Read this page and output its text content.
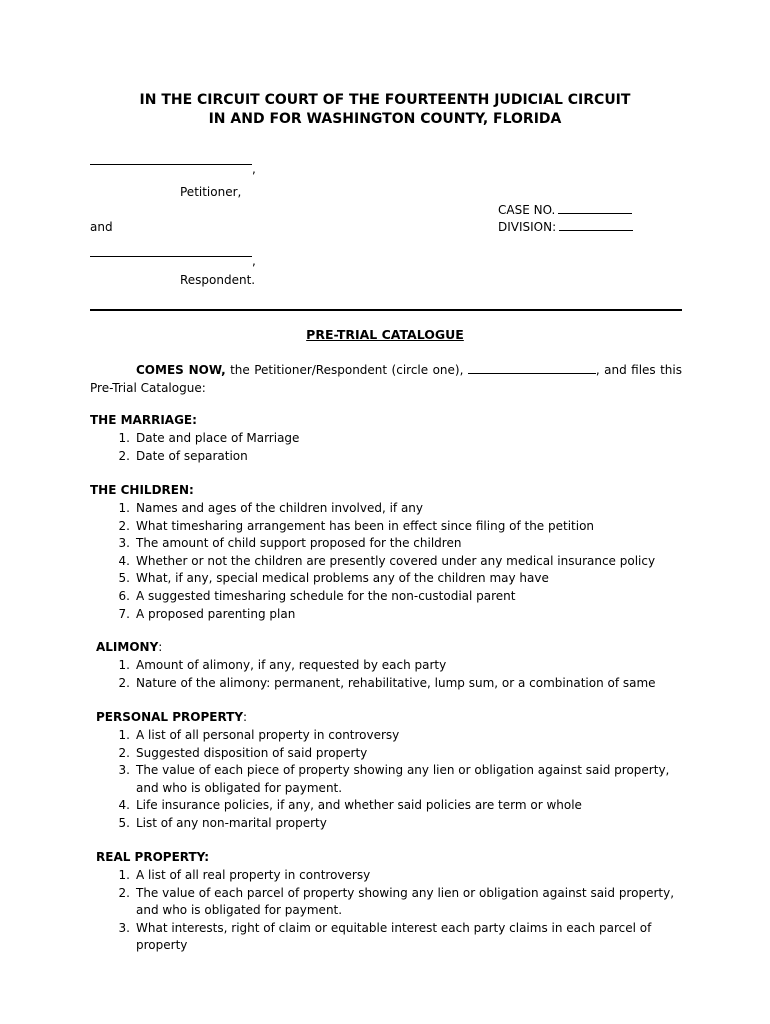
IN THE CIRCUIT COURT OF THE FOURTEENTH JUDICIAL CIRCUIT
IN AND FOR WASHINGTON COUNTY, FLORIDA
,
Petitioner,
CASE NO.
and	DIVISION:
,
Respondent.
PRE-TRIAL CATALOGUE
COMES NOW, the Petitioner/Respondent (circle one),	, and files this Pre-Trial Catalogue:
THE MARRIAGE:
1. Date and place of Marriage
2. Date of separation
THE CHILDREN:
1. Names and ages of the children involved, if any
2. What timesharing arrangement has been in effect since filing of the petition
3. The amount of child support proposed for the children
4. Whether or not the children are presently covered under any medical insurance policy
5. What, if any, special medical problems any of the children may have
6. A suggested timesharing schedule for the non-custodial parent
7. A proposed parenting plan
ALIMONY:
1. Amount of alimony, if any, requested by each party
2. Nature of the alimony: permanent, rehabilitative, lump sum, or a combination of same
PERSONAL PROPERTY:
1. A list of all personal property in controversy
2. Suggested disposition of said property
3. The value of each piece of property showing any lien or obligation against said property, and who is obligated for payment.
4. Life insurance policies, if any, and whether said policies are term or whole
5. List of any non-marital property
REAL PROPERTY:
1. A list of all real property in controversy
2. The value of each parcel of property showing any lien or obligation against said property, and who is obligated for payment.
3. What interests, right of claim or equitable interest each party claims in each parcel of property
